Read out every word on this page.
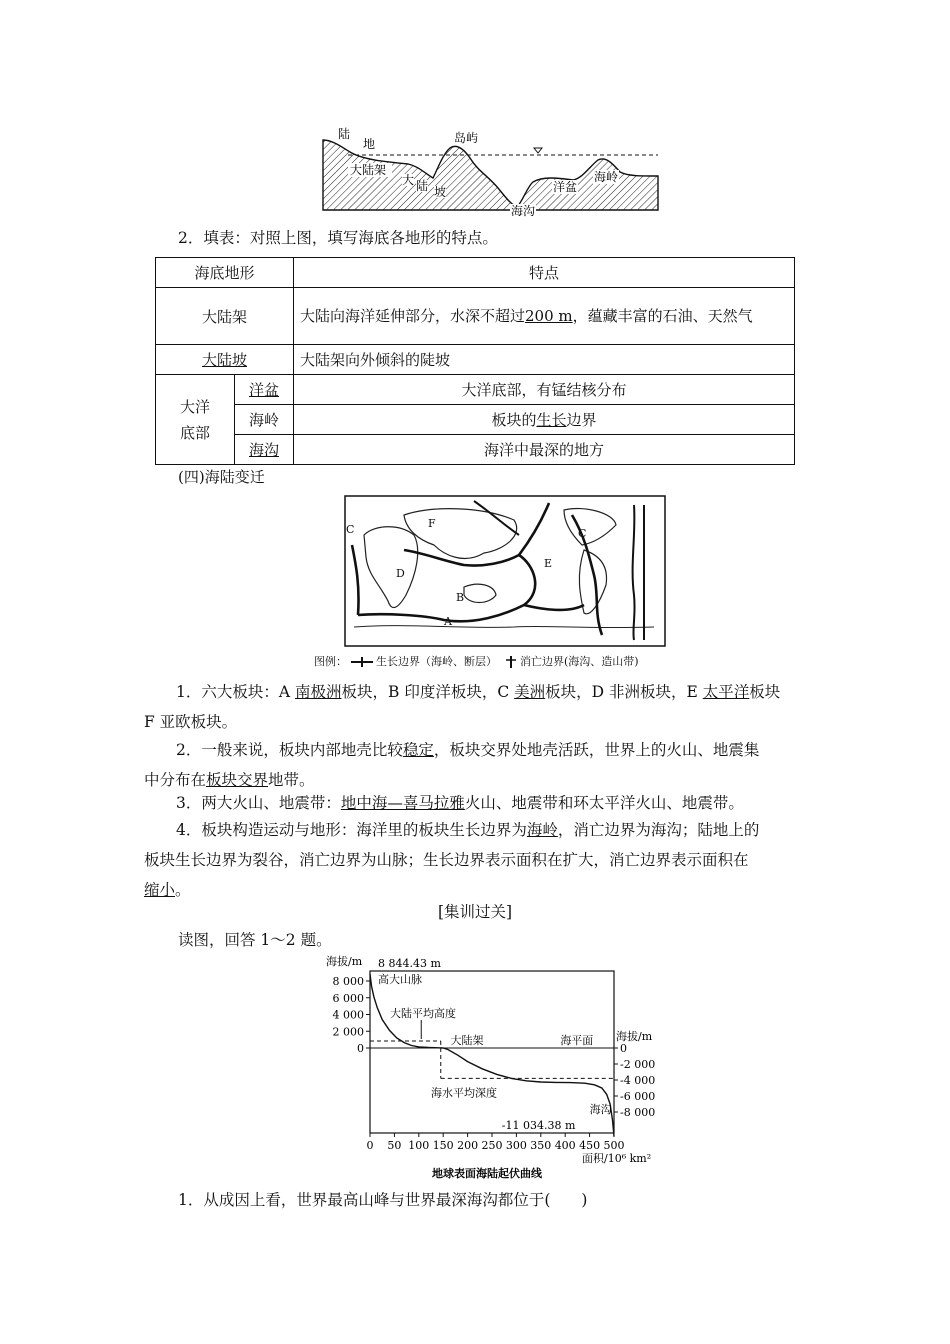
陆
地	岛屿
大陆架
大 陆 坡
海沟
洋盆
海岭
2．填表：对照上图，填写海底各地形的特点。
海底地形		特点
大陆架		大陆向海洋延伸部分，水深不超过200 m，蕴藏丰富的石油、天然气
大陆坡		大陆架向外倾斜的陡坡
大洋底部	洋盆	大洋底部，有锰结核分布
	海岭	板块的生长边界
	海沟	海洋中最深的地方
(四)海陆变迁
A
B
C	C
D
E
F
图例：	生长边界（海岭、断层） 消亡边界(海沟、造山带)
1．六大板块：A 南极洲板块，B 印度洋板块，C 美洲板块，D 非洲板块，E 太平洋板块
F 亚欧板块。
2．一般来说，板块内部地壳比较稳定，板块交界处地壳活跃，世界上的火山、地震集
中分布在板块交界地带。
3．两大火山、地震带：地中海—喜马拉雅火山、地震带和环太平洋火山、地震带。
4．板块构造运动与地形：海洋里的板块生长边界为海岭，消亡边界为海沟；陆地上的
板块生长边界为裂谷，消亡边界为山脉；生长边界表示面积在扩大，消亡边界表示面积在
缩小。
[集训过关]
读图，回答 1～2 题。
海拔/m
海拔/m
面积/10⁶ km²
地球表面海陆起伏曲线
8 000
6 000
4 000
2 000
0	0
-2 000
-4 000
-6 000
-8 000
0 50 100 150 200 250 300 350 400 450 500
8 844.43 m
高大山脉
大陆平均高度
大陆架	海平面
海水平均深度
海沟
-11 034.38 m
1．从成因上看，世界最高山峰与世界最深海沟都位于(　　)
